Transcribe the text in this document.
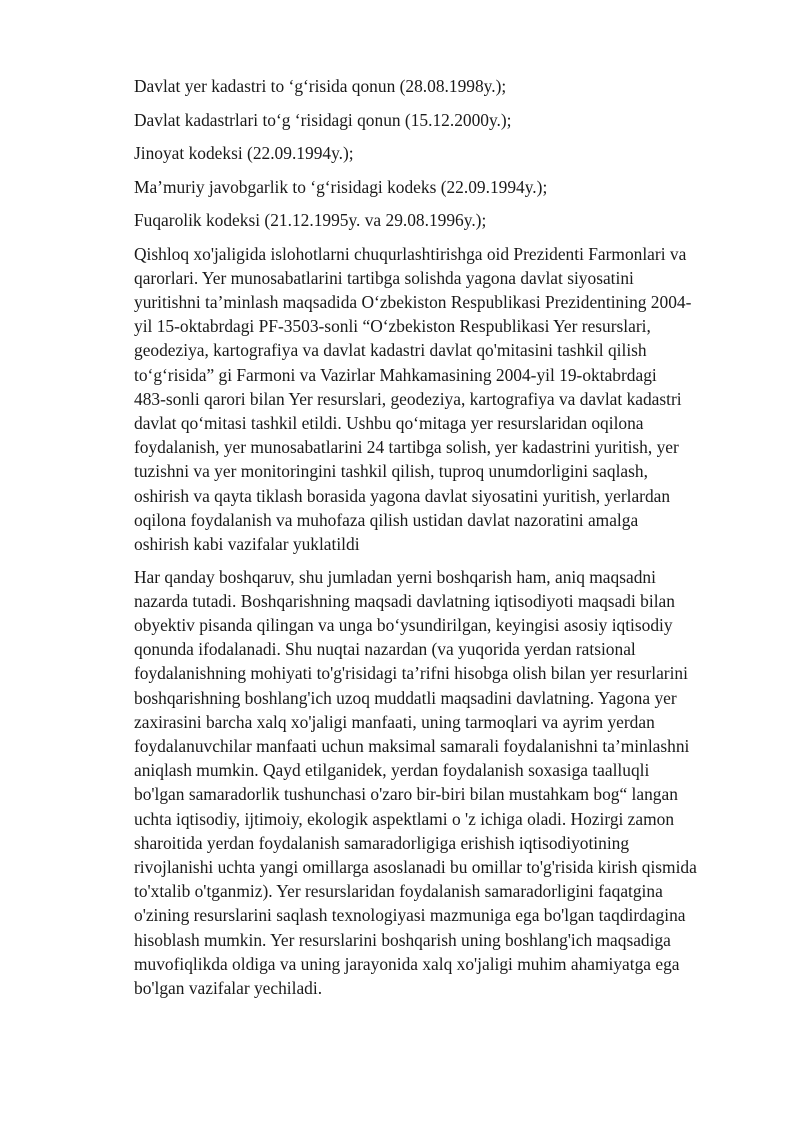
Davlat yer kadastri to ‘g‘risida qonun (28.08.1998y.);

Davlat kadastrlari to‘g ‘risidagi qonun (15.12.2000y.);

Jinoyat kodeksi (22.09.1994y.);

Ma’muriy javobgarlik to ‘g‘risidagi kodeks (22.09.1994y.);

Fuqarolik kodeksi (21.12.1995y. va 29.08.1996y.);

Qishloq xo'jaligida islohotlarni chuqurlashtirishga oid Prezidenti Farmonlari va
qarorlari. Yer munosabatlarini tartibga solishda yagona davlat siyosatini
yuritishni ta’minlash maqsadida O‘zbekiston Respublikasi Prezidentining 2004-
yil 15-oktabrdagi PF-3503-sonli “O‘zbekiston Respublikasi Yer resurslari,
geodeziya, kartografiya va davlat kadastri davlat qo'mitasini tashkil qilish
to‘g‘risida” gi Farmoni va Vazirlar Mahkamasining 2004-yil 19-oktabrdagi
483-sonli qarori bilan Yer resurslari, geodeziya, kartografiya va davlat kadastri
davlat qo‘mitasi tashkil etildi. Ushbu qo‘mitaga yer resurslaridan oqilona
foydalanish, yer munosabatlarini 24 tartibga solish, yer kadastrini yuritish, yer
tuzishni va yer monitoringini tashkil qilish, tuproq unumdorligini saqlash,
oshirish va qayta tiklash borasida yagona davlat siyosatini yuritish, yerlardan
oqilona foydalanish va muhofaza qilish ustidan davlat nazoratini amalga
oshirish kabi vazifalar yuklatildi

Har qanday boshqaruv, shu jumladan yerni boshqarish ham, aniq maqsadni
nazarda tutadi. Boshqarishning maqsadi davlatning iqtisodiyoti maqsadi bilan
obyektiv pisanda qilingan va unga bo‘ysundirilgan, keyingisi asosiy iqtisodiy
qonunda ifodalanadi. Shu nuqtai nazardan (va yuqorida yerdan ratsional
foydalanishning mohiyati to'g'risidagi ta’rifni hisobga olish bilan yer resurlarini
boshqarishning boshlang'ich uzoq muddatli maqsadini davlatning. Yagona yer
zaxirasini barcha xalq xo'jaligi manfaati, uning tarmoqlari va ayrim yerdan
foydalanuvchilar manfaati uchun maksimal samarali foydalanishni ta’minlashni
aniqlash mumkin. Qayd etilganidek, yerdan foydalanish soxasiga taalluqli
bo'lgan samaradorlik tushunchasi o'zaro bir-biri bilan mustahkam bog“ langan
uchta iqtisodiy, ijtimoiy, ekologik aspektlami o 'z ichiga oladi. Hozirgi zamon
sharoitida yerdan foydalanish samaradorligiga erishish iqtisodiyotining
rivojlanishi uchta yangi omillarga asoslanadi bu omillar to'g'risida kirish qismida
to'xtalib o'tganmiz). Yer resurslaridan foydalanish samaradorligini faqatgina
o'zining resurslarini saqlash texnologiyasi mazmuniga ega bo'lgan taqdirdagina
hisoblash mumkin. Yer resurslarini boshqarish uning boshlang'ich maqsadiga
muvofiqlikda oldiga va uning jarayonida xalq xo'jaligi muhim ahamiyatga ega
bo'lgan vazifalar yechiladi.
